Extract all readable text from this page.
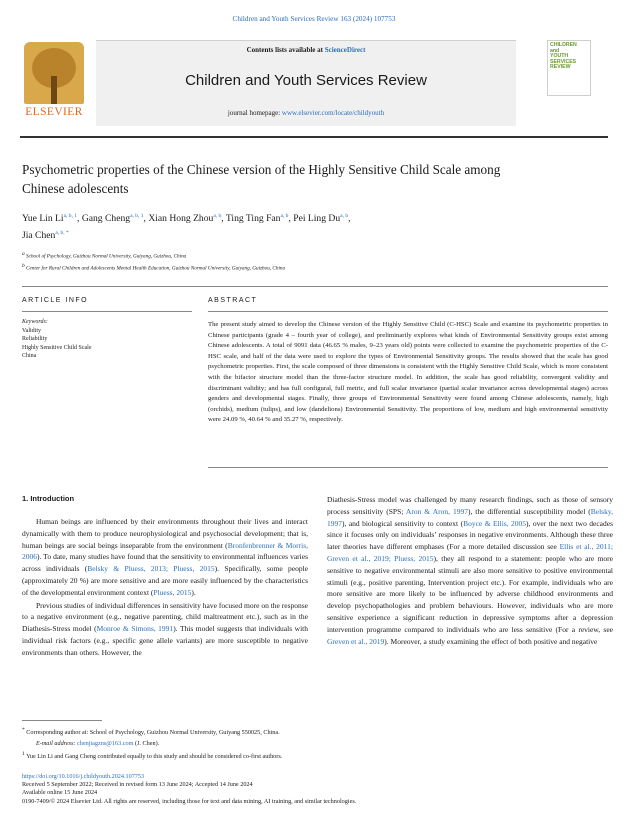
Children and Youth Services Review 163 (2024) 107753
ELSEVIER
Contents lists available at ScienceDirect
Children and Youth Services Review
journal homepage: www.elsevier.com/locate/childyouth
CHILDREN
and
YOUTH
SERVICES
REVIEW
Psychometric properties of the Chinese version of the Highly Sensitive Child Scale among Chinese adolescents
Yue Lin Li$^{a, b, 1}$, Gang Cheng$^{a, b, 1}$, Xian Hong Zhou$^{a, b}$, Ting Ting Fan$^{a, b}$, Pei Ling Du$^{a, b}$,
Jia Chen$^{a, b, *}$
$^a$ School of Psychology, Guizhou Normal University, Guiyang, Guizhou, China
$^b$ Center for Rural Children and Adolescents Mental Health Education, Guizhou Normal University, Guiyang, Guizhou, China
ARTICLE INFO	ABSTRACT
Keywords:
Validity
Reliability
Highly Sensitive Child Scale
China
The present study aimed to develop the Chinese version of the Highly Sensitive Child (C-HSC) Scale and examine its psychometric properties in Chinese participants (grade 4 – fourth year of college), and preliminarily explores what kinds of Environmental Sensitivity groups exist among Chinese adolescents. A total of 9091 data (46.65 % males, 9–23 years old) points were collected to examine the psychometric properties of the C-HSC scale, and half of the data were used to explore the types of Environmental Sensitivity groups. The results showed that the scale has good psychometric properties. First, the scale composed of three dimensions is consistent with the Highly Sensitive Child Scale, which is more consistent with the bifactor structure model than the three-factor structure model. In addition, the scale has good reliability, convergent validity and discriminant validity; and has full configural, full metric, and full scalar invariance (partial scalar invariance across developmental stages) across genders and developmental stages. Finally, three groups of Environmental Sensitivity were found among Chinese adolescents, namely, high (orchids), medium (tulips), and low (dandelions) Environmental Sensitivity. The proportions of low, medium and high environmental sensitivity were 24.09 %, 40.64 % and 35.27 %, respectively.
1. Introduction

Human beings are influenced by their environments throughout their lives and interact dynamically with them to produce neurophysiological and psychosocial development; that is, human beings are social beings inseparable from the environment (Bronfenbrenner & Morris, 2006). To date, many studies have found that the sensitivity to environmental influences varies across individuals (Belsky & Pluess, 2013; Pluess, 2015). Specifically, some people (approximately 20 %) are more sensitive and are more easily influenced by the characteristics of the developmental environment context (Pluess, 2015).

Previous studies of individual differences in sensitivity have focused more on the response to a negative environment (e.g., negative parenting, child maltreatment etc.), such as in the Diathesis-Stress model (Monroe & Simons, 1991). This model suggests that individuals with individual risk factors (e.g., specific gene allele variants) are more susceptible to negative environments than others. However, the

Diathesis-Stress model was challenged by many research findings, such as those of sensory process sensitivity (SPS; Aron & Aron, 1997), the differential susceptibility model (Belsky, 1997), and biological sensitivity to context (Boyce & Ellis, 2005), over the next two decades since it focuses only on individuals’ responses in negative environments. Although these three later theories have different emphases (For a more detailed discussion see Ellis et al., 2011; Greven et al., 2019; Pluess, 2015), they all respond to a statement: people who are more sensitive to negative environmental stimuli are also more sensitive to positive environmental stimuli (e.g., positive parenting, Intervention project etc.). For example, individuals who are more sensitive are more likely to be influenced by adverse childhood environments and develop psychopathologies and problem behaviours. However, individuals who are more sensitive experience a significant reduction in depressive symptoms after a depression intervention programme compared to individuals who are less sensitive (For a review, see Greven et al., 2019). Moreover, a study examining the effect of both positive and negative

* Corresponding author at: School of Psychology, Guizhou Normal University, Guiyang 550025, China.
E-mail address: chenjiagzns@163.com (J. Chen).
$^1$ Yue Lin Li and Gang Cheng contributed equally to this study and should be considered co-first authors.
https://doi.org/10.1016/j.childyouth.2024.107753
Received 5 September 2022; Received in revised form 13 June 2024; Accepted 14 June 2024
Available online 15 June 2024
0190-7409/© 2024 Elsevier Ltd. All rights are reserved, including those for text and data mining, AI training, and similar technologies.
